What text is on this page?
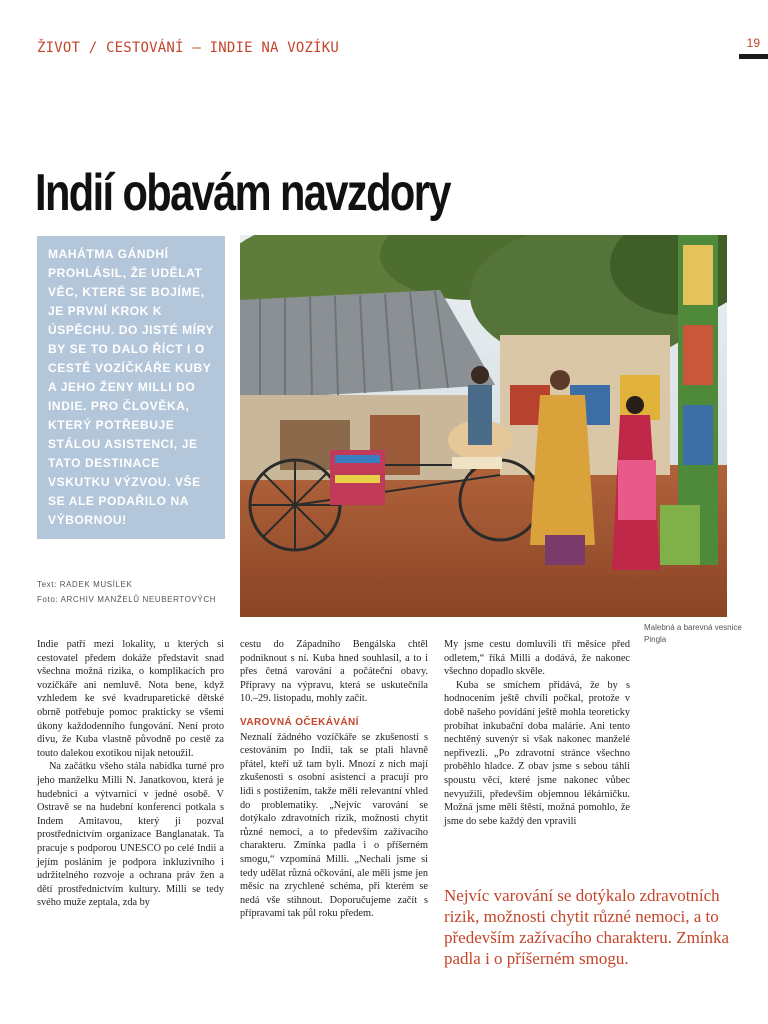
ŽIVOT / CESTOVÁNÍ – INDIE NA VOZÍKU	19
Indií obavám navzdory

MAHÁTMA GÁNDHÍ PROHLÁSIL, ŽE UDĚLAT VĚC, KTERÉ SE BOJÍME, JE PRVNÍ KROK K ÚSPĚCHU. DO JISTÉ MÍRY BY SE TO DALO ŘÍCT I O CESTĚ VOZÍČKÁŘE KUBY A JEHO ŽENY MILLI DO INDIE. PRO ČLOVĚKA, KTERÝ POTŘEBUJE STÁLOU ASISTENCI, JE TATO DESTINACE VSKUTKU VÝZVOU. VŠE SE ALE PODAŘILO NA VÝBORNOU!

Text: RADEK MUSÍLEK
Foto: ARCHIV MANŽELŮ NEUBERTOVÝCH
Malebná a barevná vesnice Pingla

Indie patří mezi lokality, u kterých si cestovatel předem dokáže představit snad všechna možná rizika, o komplikacích pro vozíčkáře ani nemluvě. Nota bene, když vzhledem ke své kvadruparetické dětské obrně potřebuje pomoc prakticky se všemi úkony každodenního fungování. Není proto divu, že Kuba vlastně původně po cestě za touto dalekou exotikou nijak netoužil.

Na začátku všeho stála nabídka turné pro jeho manželku Milli N. Janatkovou, která je hudebnicí a výtvarnicí v jedné osobě. V Ostravě se na hudební konferenci potkala s Indem Amitavou, který ji pozval prostřednictvím organizace Banglanatak. Ta pracuje s podporou UNESCO po celé Indii a jejím posláním je podpora inkluzivního i udržitelného rozvoje a ochrana práv žen a dětí prostřednictvím kultury. Milli se tedy svého muže zeptala, zda by

cestu do Západního Bengálska chtěl podniknout s ní. Kuba hned souhlasil, a to i přes četná varování a počáteční obavy. Přípravy na výpravu, která se uskutečnila 10.–29. listopadu, mohly začít.

VAROVNÁ OČEKÁVÁNÍ

Neznalí žádného vozíčkáře se zkušeností s cestováním po Indii, tak se ptali hlavně přátel, kteří už tam byli. Mnozí z nich mají zkušenosti s osobní asistencí a pracují pro lidi s postižením, takže měli relevantní vhled do problematiky. „Nejvíc varování se dotýkalo zdravotních rizik, možnosti chytit různé nemoci, a to především zažívacího charakteru. Zmínka padla i o příšerném smogu,“ vzpomíná Milli. „Nechali jsme si tedy udělat různá očkování, ale měli jsme jen měsíc na zrychlené schéma, při kterém se nedá vše stihnout. Doporučujeme začít s přípravami tak půl roku předem.

My jsme cestu domluvili tři měsíce před odletem,“ říká Milli a dodává, že nakonec všechno dopadlo skvěle.

Kuba se smíchem přidává, že by s hodnocením ještě chvíli počkal, protože v době našeho povídání ještě mohla teoreticky probíhat inkubační doba malárie. Ani tento nechtěný suvenýr si však nakonec manželé nepřivezli. „Po zdravotní stránce všechno proběhlo hladce. Z obav jsme s sebou táhli spoustu věcí, které jsme nakonec vůbec nevyužili, především objemnou lékárničku. Možná jsme měli štěstí, možná pomohlo, že jsme do sebe každý den vpravili

Nejvíc varování se dotýkalo zdravotních rizik, možnosti chytit různé nemoci, a to především zažívacího charakteru. Zmínka padla i o příšerném smogu.
